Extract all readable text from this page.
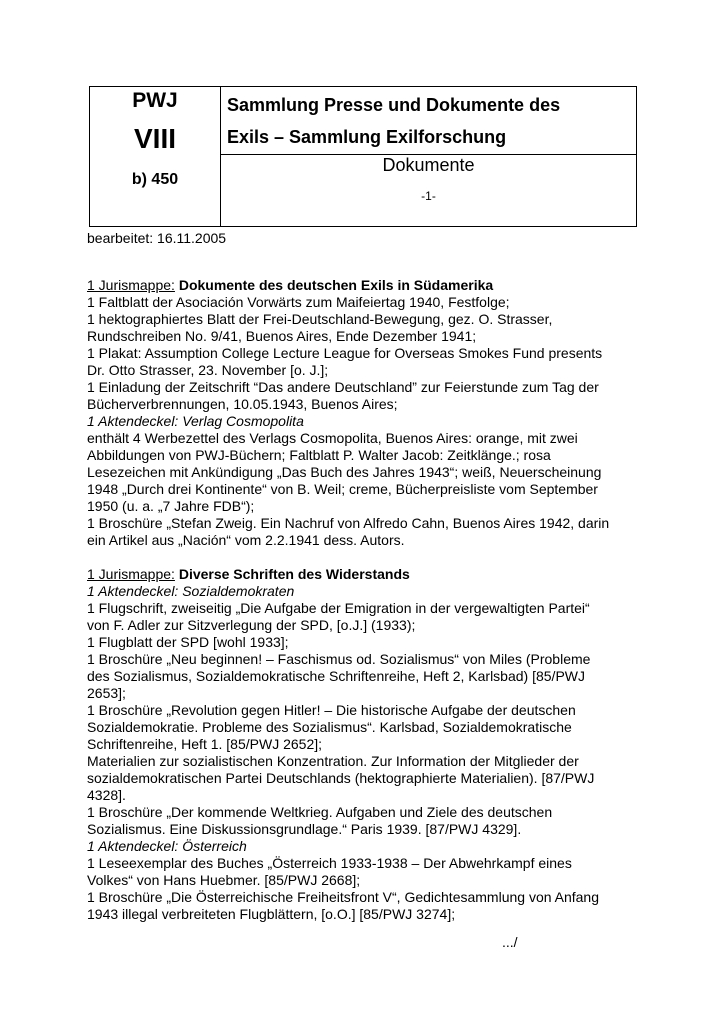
PWJ
VIII
b) 450
Sammlung Presse und Dokumente des
Exils – Sammlung Exilforschung
Dokumente
-1-
bearbeitet: 16.11.2005
1 Jurismappe: Dokumente des deutschen Exils in Südamerika
1 Faltblatt der Asociación Vorwärts zum Maifeiertag 1940, Festfolge;
1 hektographiertes Blatt der Frei-Deutschland-Bewegung, gez. O. Strasser,
Rundschreiben No. 9/41, Buenos Aires, Ende Dezember 1941;
1 Plakat: Assumption College Lecture League for Overseas Smokes Fund presents
Dr. Otto Strasser, 23. November [o. J.];
1 Einladung der Zeitschrift “Das andere Deutschland” zur Feierstunde zum Tag der
Bücherverbrennungen, 10.05.1943, Buenos Aires;
1 Aktendeckel: Verlag Cosmopolita
enthält 4 Werbezettel des Verlags Cosmopolita, Buenos Aires: orange, mit zwei
Abbildungen von PWJ-Büchern; Faltblatt P. Walter Jacob: Zeitklänge.; rosa
Lesezeichen mit Ankündigung „Das Buch des Jahres 1943“; weiß, Neuerscheinung
1948 „Durch drei Kontinente“ von B. Weil; creme, Bücherpreisliste vom September
1950 (u. a. „7 Jahre FDB“);
1 Broschüre „Stefan Zweig. Ein Nachruf von Alfredo Cahn, Buenos Aires 1942, darin
ein Artikel aus „Nación“ vom 2.2.1941 dess. Autors.
1 Jurismappe: Diverse Schriften des Widerstands
1 Aktendeckel: Sozialdemokraten
1 Flugschrift, zweiseitig „Die Aufgabe der Emigration in der vergewaltigten Partei“
von F. Adler zur Sitzverlegung der SPD, [o.J.] (1933);
1 Flugblatt der SPD [wohl 1933];
1 Broschüre „Neu beginnen! – Faschismus od. Sozialismus“ von Miles (Probleme
des Sozialismus, Sozialdemokratische Schriftenreihe, Heft 2, Karlsbad) [85/PWJ
2653];
1 Broschüre „Revolution gegen Hitler! – Die historische Aufgabe der deutschen
Sozialdemokratie. Probleme des Sozialismus“. Karlsbad, Sozialdemokratische
Schriftenreihe, Heft 1. [85/PWJ 2652];
Materialien zur sozialistischen Konzentration. Zur Information der Mitglieder der
sozialdemokratischen Partei Deutschlands (hektographierte Materialien). [87/PWJ
4328].
1 Broschüre „Der kommende Weltkrieg. Aufgaben und Ziele des deutschen
Sozialismus. Eine Diskussionsgrundlage.“ Paris 1939. [87/PWJ 4329].
1 Aktendeckel: Österreich
1 Leseexemplar des Buches „Österreich 1933-1938 – Der Abwehrkampf eines
Volkes“ von Hans Huebmer. [85/PWJ 2668];
1 Broschüre „Die Österreichische Freiheitsfront V“, Gedichtesammlung von Anfang
1943 illegal verbreiteten Flugblättern, [o.O.] [85/PWJ 3274];
.../
